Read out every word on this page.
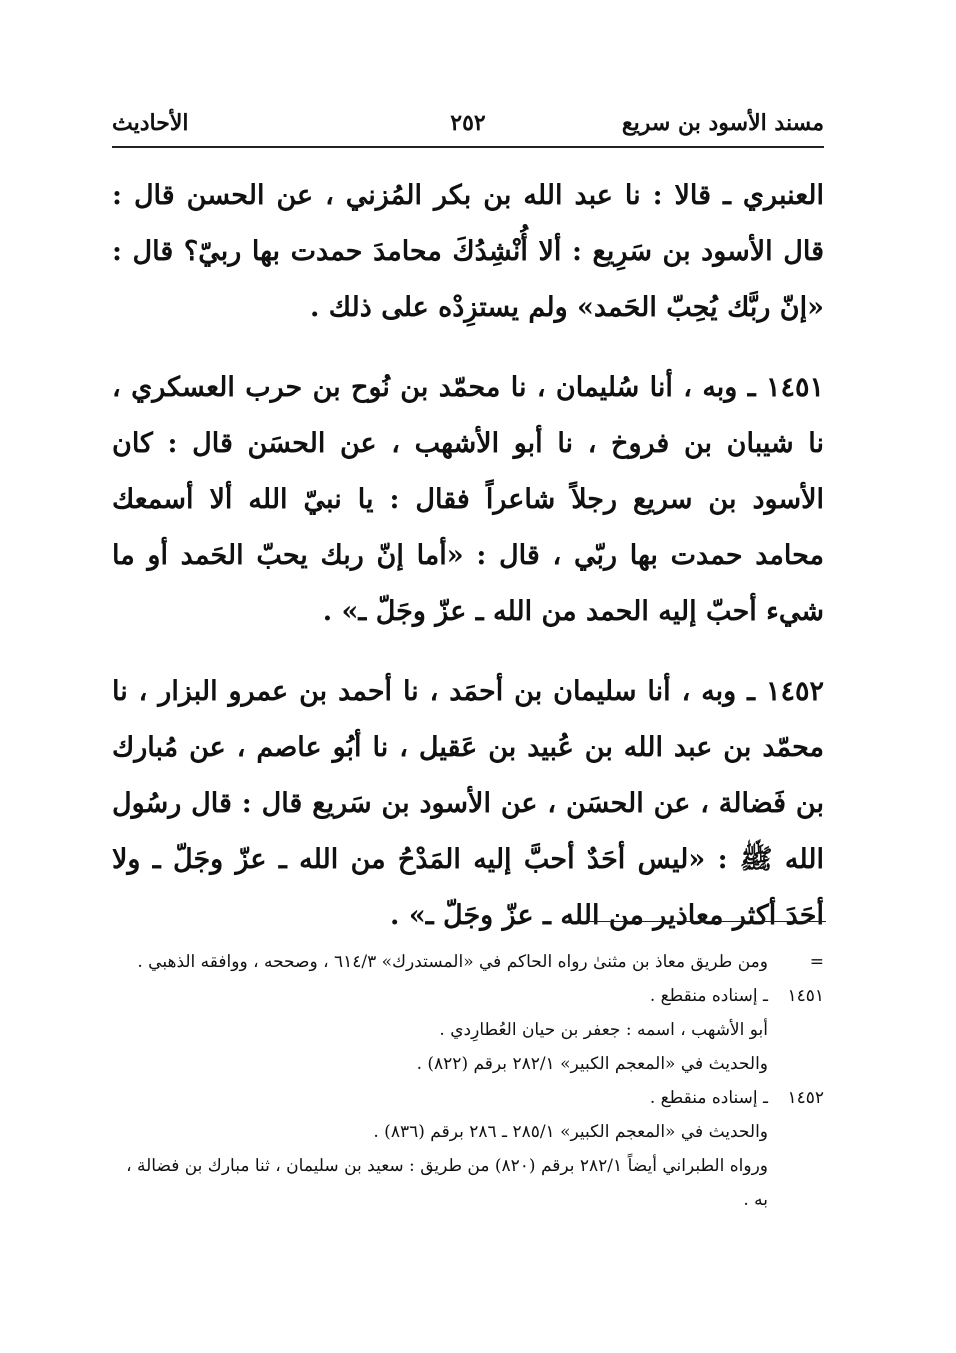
مسند الأسود بن سريع
٢٥٢
الأحاديث

العنبري ـ قالا : نا عبد الله بن بكر المُزني ، عن الحسن قال : قال الأسود بن سَرِيع : ألا أُنْشِدُكَ محامدَ حمدت بها ربيّ؟ قال : «إنّ ربَّك يُحِبّ الحَمد» ولم يستزِدْه على ذلك .

١٤٥١ ـ وبه ، أنا سُليمان ، نا محمّد بن نُوح بن حرب العسكري ، نا شيبان بن فروخ ، نا أبو الأشهب ، عن الحسَن قال : كان الأسود بن سريع رجلاً شاعراً فقال : يا نبيّ الله ألا أسمعك محامد حمدت بها ربّي ، قال : «أما إنّ ربك يحبّ الحَمد أو ما شيء أحبّ إليه الحمد من الله ـ عزّ وجَلّ ـ» .

١٤٥٢ ـ وبه ، أنا سليمان بن أحمَد ، نا أحمد بن عمرو البزار ، نا محمّد بن عبد الله بن عُبيد بن عَقيل ، نا أبُو عاصم ، عن مُبارك بن فَضالة ، عن الحسَن ، عن الأسود بن سَريع قال : قال رسُول الله ﷺ : «ليس أحَدٌ أحبَّ إليه المَدْحُ من الله ـ عزّ وجَلّ ـ ولا أحَدَ أكثر معاذير من الله ـ عزّ وجَلّ ـ» .

=ومن طريق معاذ بن مثنىٰ رواه الحاكم في «المستدرك» ٦١٤/٣ ، وصححه ، ووافقه الذهبي .
١٤٥١ـ إسناده منقطع .
أبو الأشهب ، اسمه : جعفر بن حيان العُطارِدي .
والحديث في «المعجم الكبير» ٢٨٢/١ برقم (٨٢٢) .
١٤٥٢ـ إسناده منقطع .
والحديث في «المعجم الكبير» ٢٨٥/١ ـ ٢٨٦ برقم (٨٣٦) .
ورواه الطبراني أيضاً ٢٨٢/١ برقم (٨٢٠) من طريق : سعيد بن سليمان ، ثنا مبارك بن فضالة ، به .
